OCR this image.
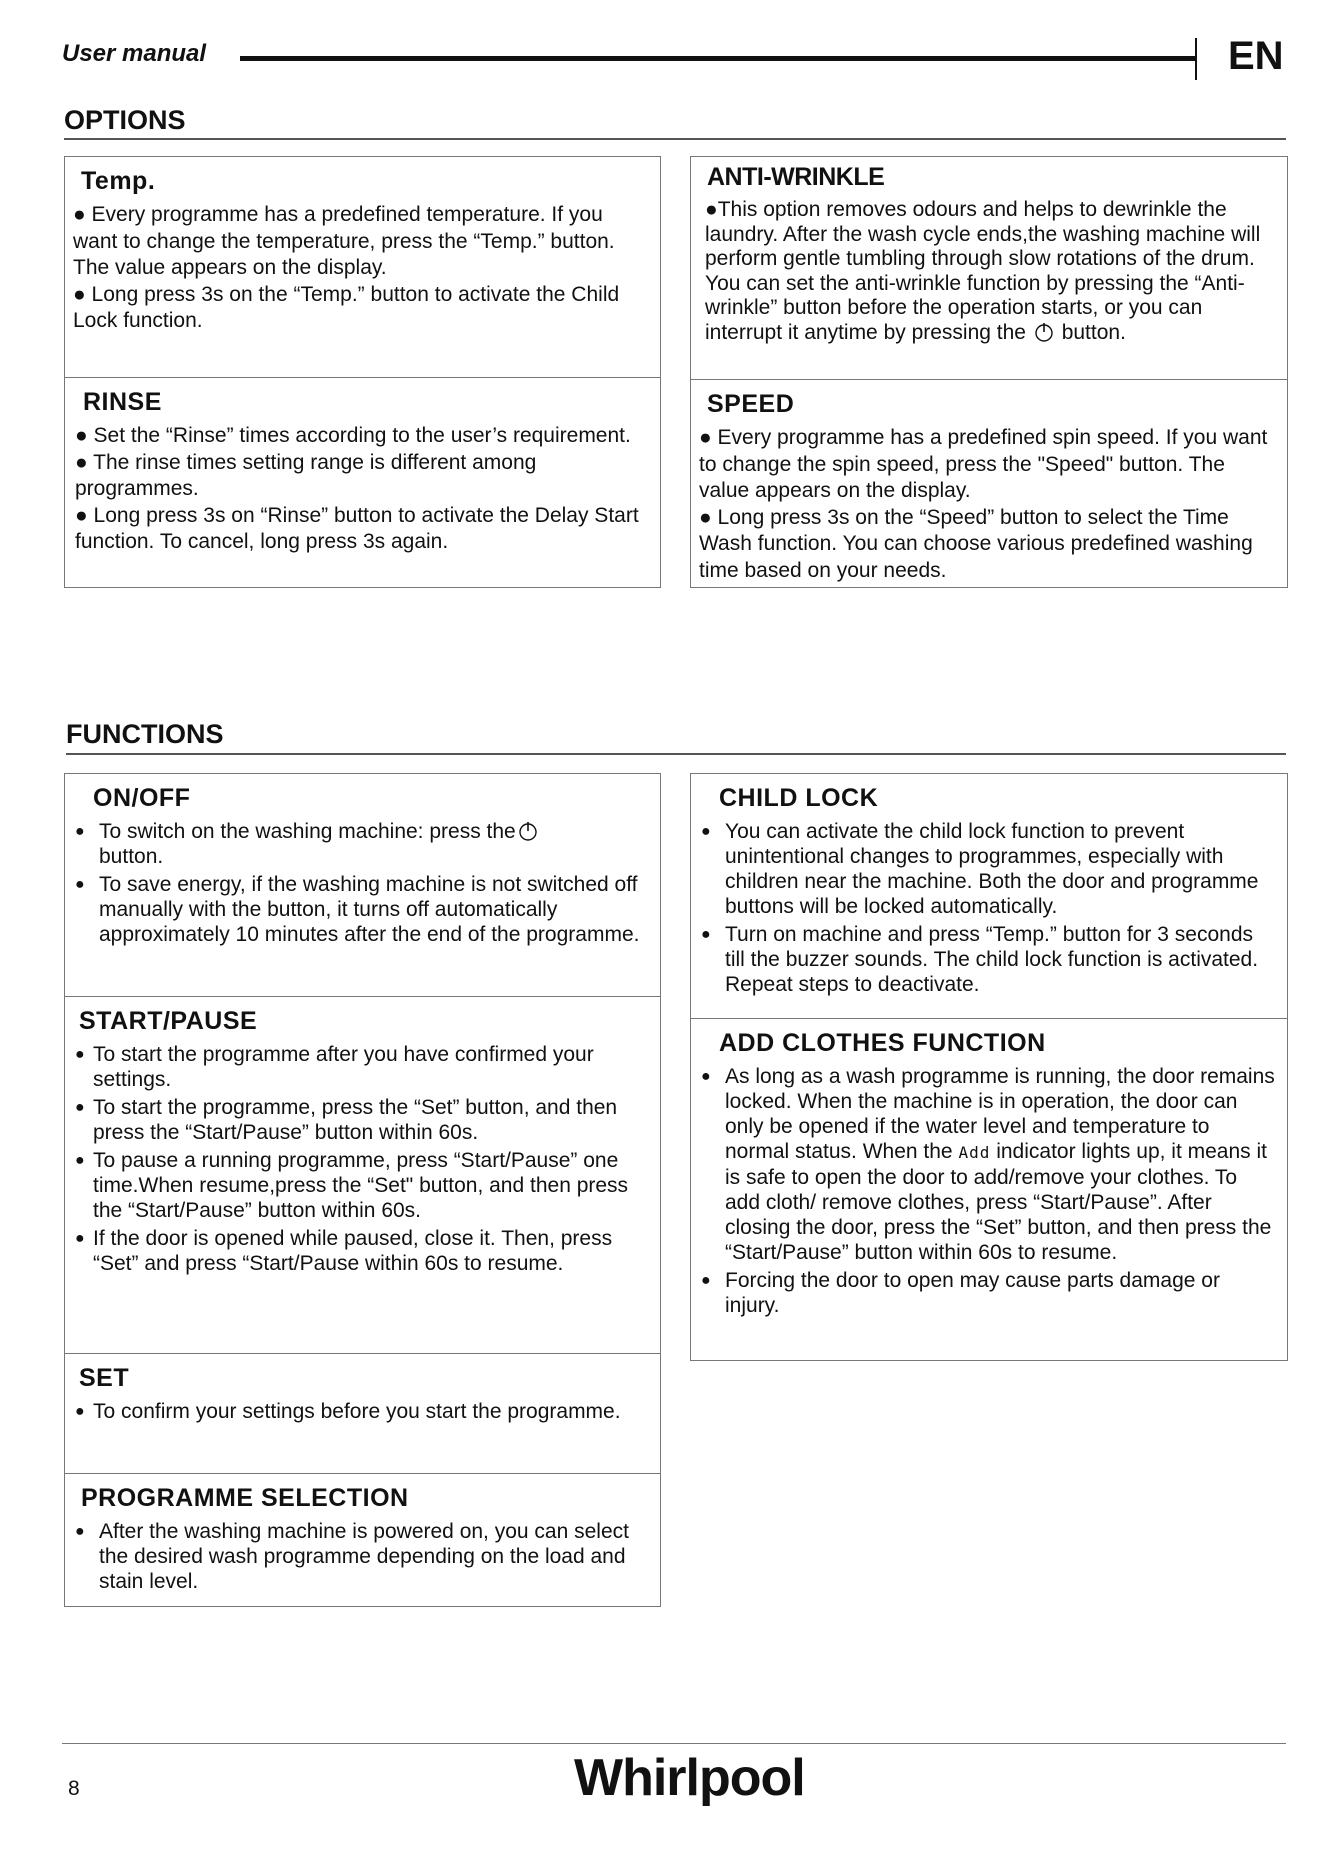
User manual	EN
OPTIONS
Temp.

● Every programme has a predefined temperature. If you want to change the temperature, press the “Temp.” button. The value appears on the display.

● Long press 3s on the “Temp.” button to activate the Child Lock function.

RINSE

● Set the “Rinse” times according to the user’s requirement.

● The rinse times setting range is different among programmes.

● Long press 3s on “Rinse” button to activate the Delay Start function. To cancel, long press 3s again.

ANTI-WRINKLE

●This option removes odours and helps to dewrinkle the laundry. After the wash cycle ends,the washing machine will perform gentle tumbling through slow rotations of the drum. You can set the anti-wrinkle function by pressing the “Anti-wrinkle” button before the operation starts, or you can interrupt it anytime by pressing the button.

SPEED

● Every programme has a predefined spin speed. If you want to change the spin speed, press the "Speed" button. The value appears on the display.

● Long press 3s on the “Speed” button to select the Time Wash function. You can choose various predefined washing time based on your needs.

FUNCTIONS
ON/OFF
● To switch on the washing machine: press the
button.
● To save energy, if the washing machine is not switched off manually with the button, it turns off automatically approximately 10 minutes after the end of the programme.
START/PAUSE
● To start the programme after you have confirmed your settings.
● To start the programme, press the “Set” button, and then press the “Start/Pause” button within 60s.
● To pause a running programme, press “Start/Pause” one time.When resume,press the “Set" button, and then press the “Start/Pause” button within 60s.
● If the door is opened while paused, close it. Then, press “Set” and press “Start/Pause within 60s to resume.
SET
● To confirm your settings before you start the programme.
PROGRAMME SELECTION
● After the washing machine is powered on, you can select the desired wash programme depending on the load and stain level.
CHILD LOCK
● You can activate the child lock function to prevent unintentional changes to programmes, especially with children near the machine. Both the door and programme buttons will be locked automatically.
● Turn on machine and press “Temp.” button for 3 seconds till the buzzer sounds. The child lock function is activated. Repeat steps to deactivate.
ADD CLOTHES FUNCTION
● As long as a wash programme is running, the door remains locked. When the machine is in operation, the door can only be opened if the water level and temperature to normal status. When the Add indicator lights up, it means it is safe to open the door to add/remove your clothes. To add cloth/ remove clothes, press “Start/Pause”. After closing the door, press the “Set” button, and then press the “Start/Pause” button within 60s to resume.
● Forcing the door to open may cause parts damage or injury.
8	Whirlpool
